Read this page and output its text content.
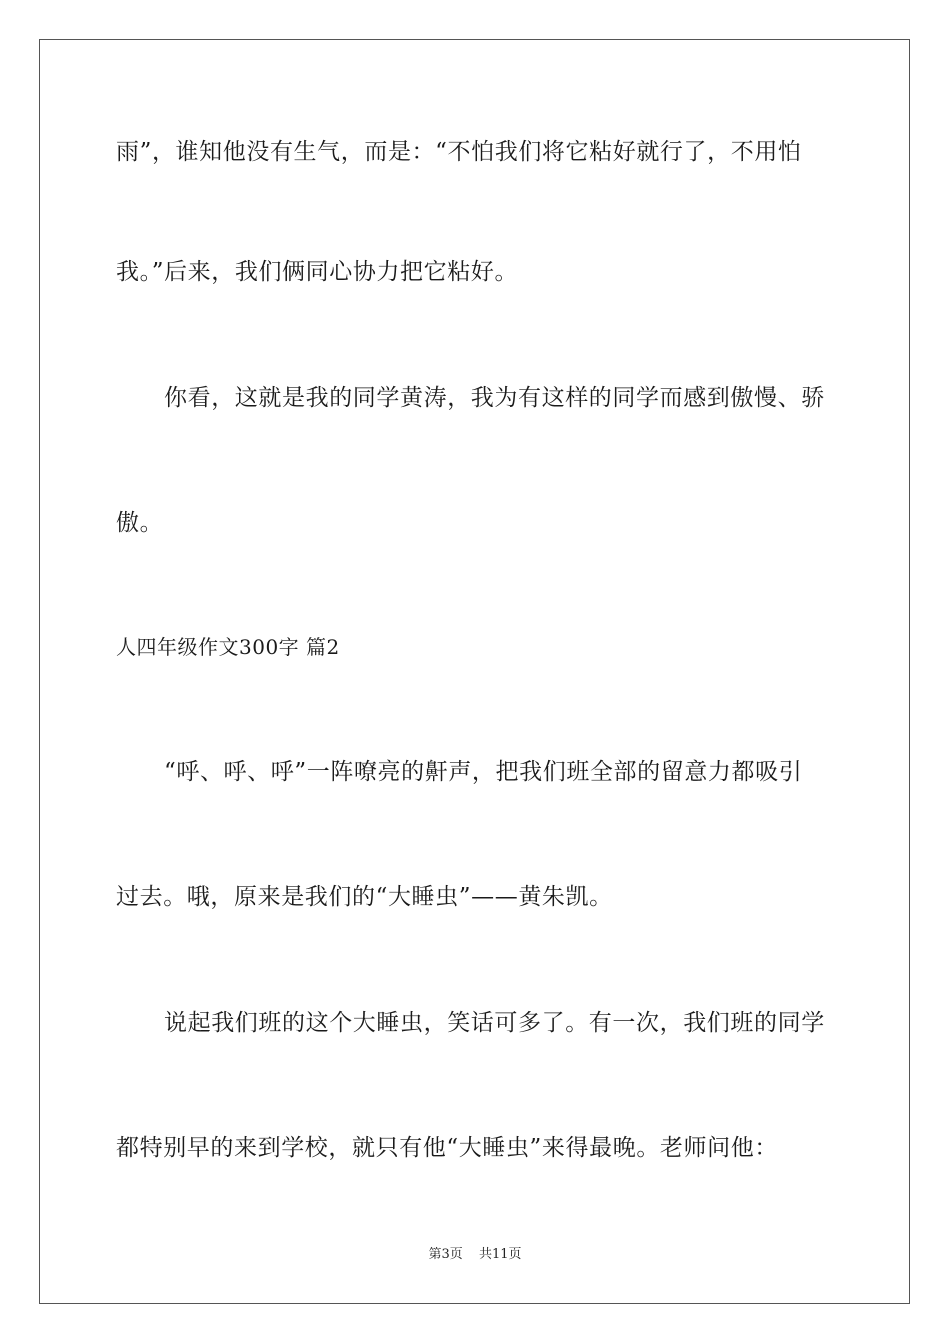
雨”，谁知他没有生气，而是：“不怕我们将它粘好就行了，不用怕
我。”后来，我们俩同心协力把它粘好。
你看，这就是我的同学黄涛，我为有这样的同学而感到傲慢、骄
傲。
人四年级作文300字 篇2
“呼、呼、呼”一阵嘹亮的鼾声，把我们班全部的留意力都吸引
过去。哦，原来是我们的“大睡虫”——黄朱凯。
说起我们班的这个大睡虫，笑话可多了。有一次，我们班的同学
都特别早的来到学校，就只有他“大睡虫”来得最晚。老师问他：
第3页 共11页
